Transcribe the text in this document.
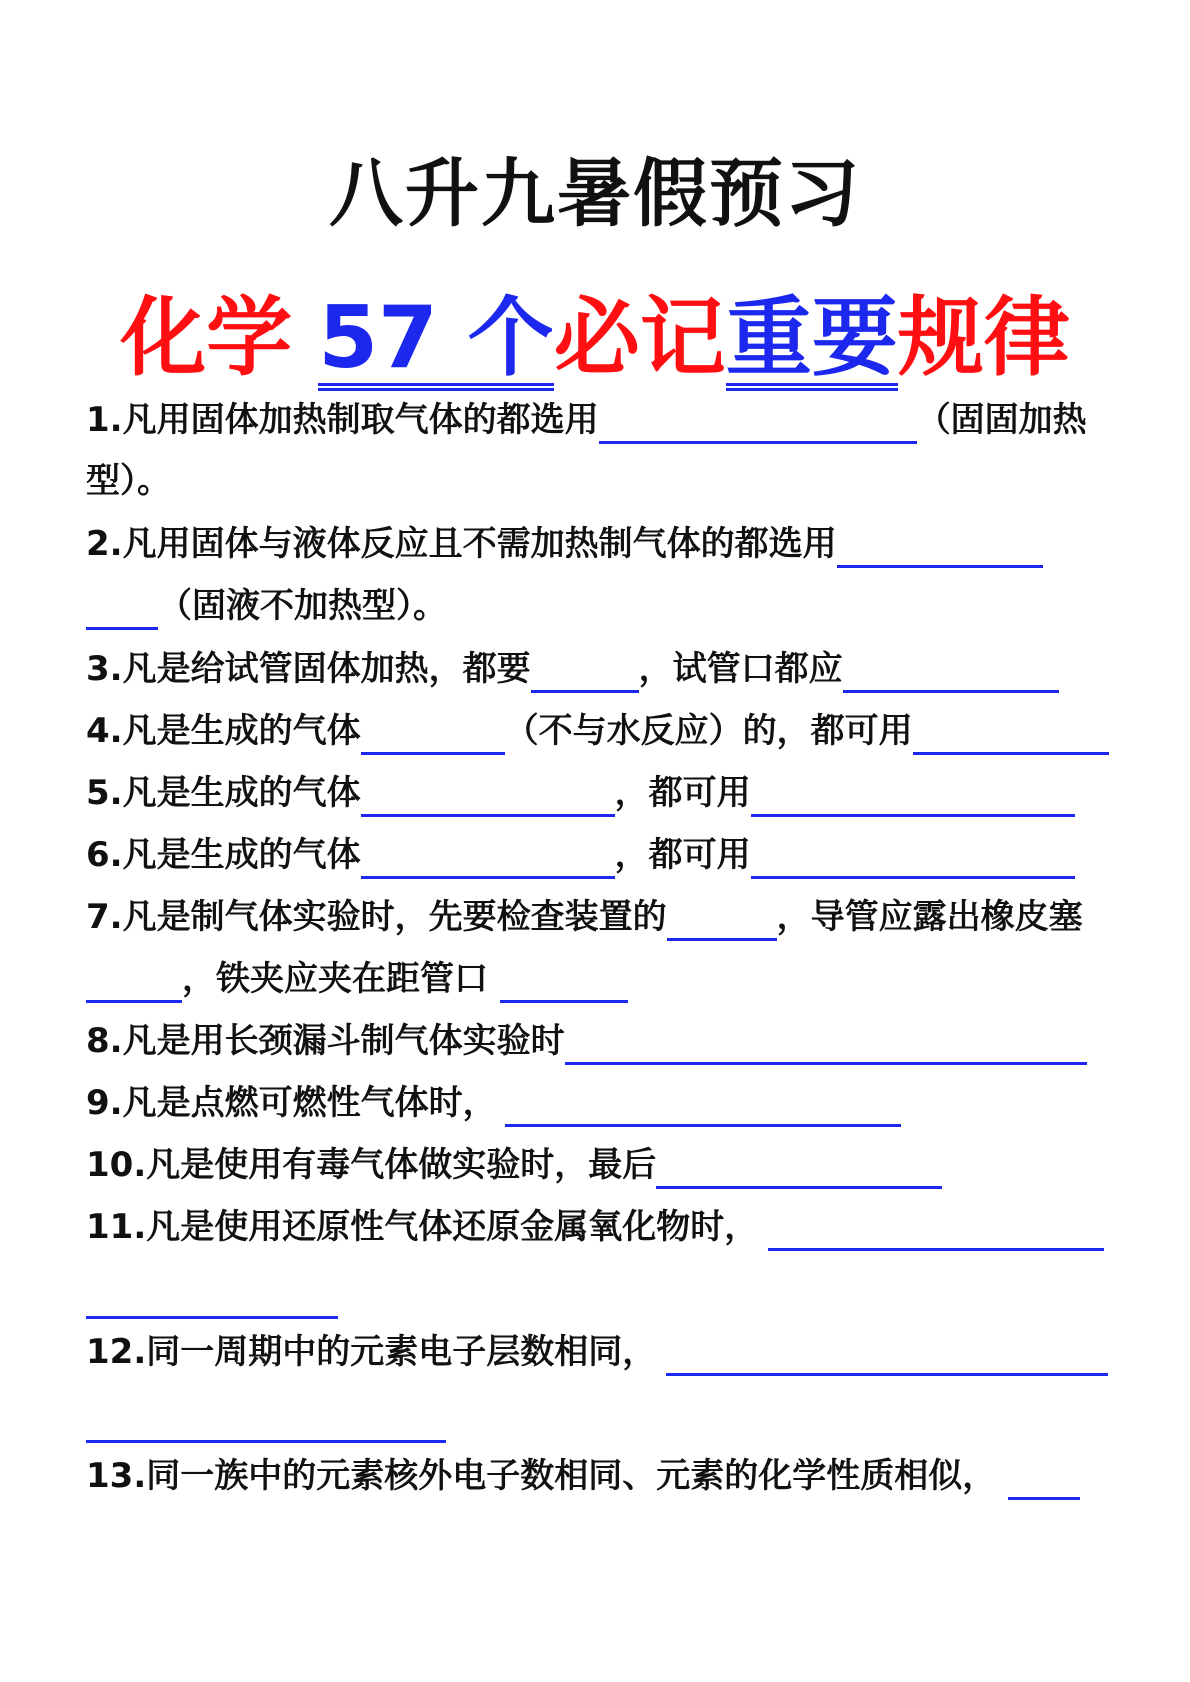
八升九暑假预习
化学 57 个必记重要规律
1.凡用固体加热制取气体的都选用	（固固加热
型）。
2.凡用固体与液体反应且不需加热制气体的都选用
（固液不加热型）。
3.凡是给试管固体加热，都要	，试管口都应
4.凡是生成的气体	（不与水反应）的，都可用
5.凡是生成的气体	，都可用
6.凡是生成的气体	，都可用
7.凡是制气体实验时，先要检查装置的	，导管应露出橡皮塞
，铁夹应夹在距管口
8.凡是用长颈漏斗制气体实验时
9.凡是点燃可燃性气体时，
10.凡是使用有毒气体做实验时，最后
11.凡是使用还原性气体还原金属氧化物时，
12.同一周期中的元素电子层数相同，
13.同一族中的元素核外电子数相同、元素的化学性质相似，
